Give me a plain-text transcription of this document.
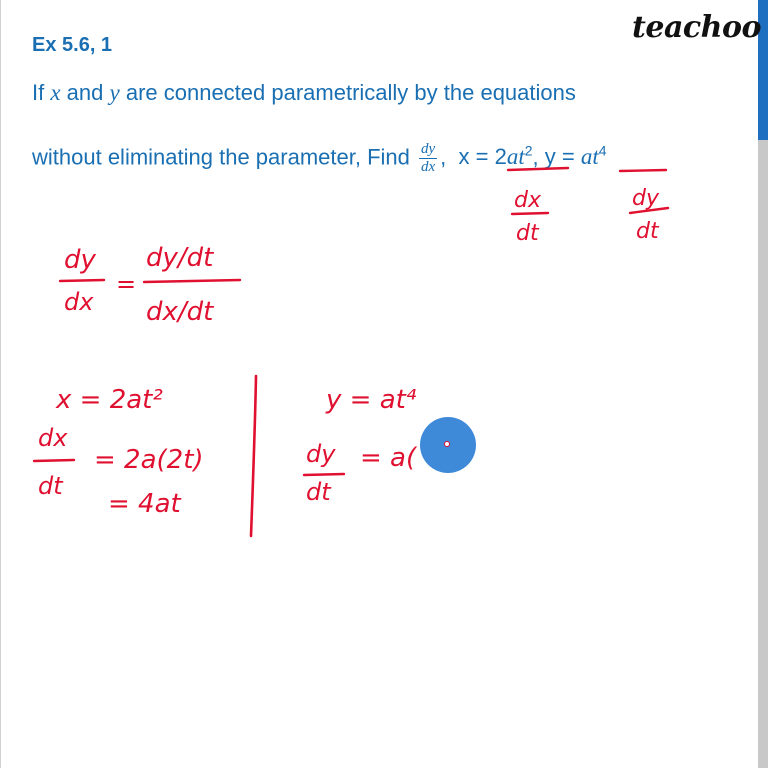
Ex 5.6, 1	teachoo
If x and y are connected parametrically by the equations
without eliminating the parameter, Find $\frac{dy}{dx}$ ,  $x = 2at^2$, $y = at^4$
dx
dt
dy
dt
dy
dx
=
dy/dt
dx/dt
x = 2at²
dx
dt
= 2a(2t)
= 4at
y = at⁴
dy
dt
= a(
